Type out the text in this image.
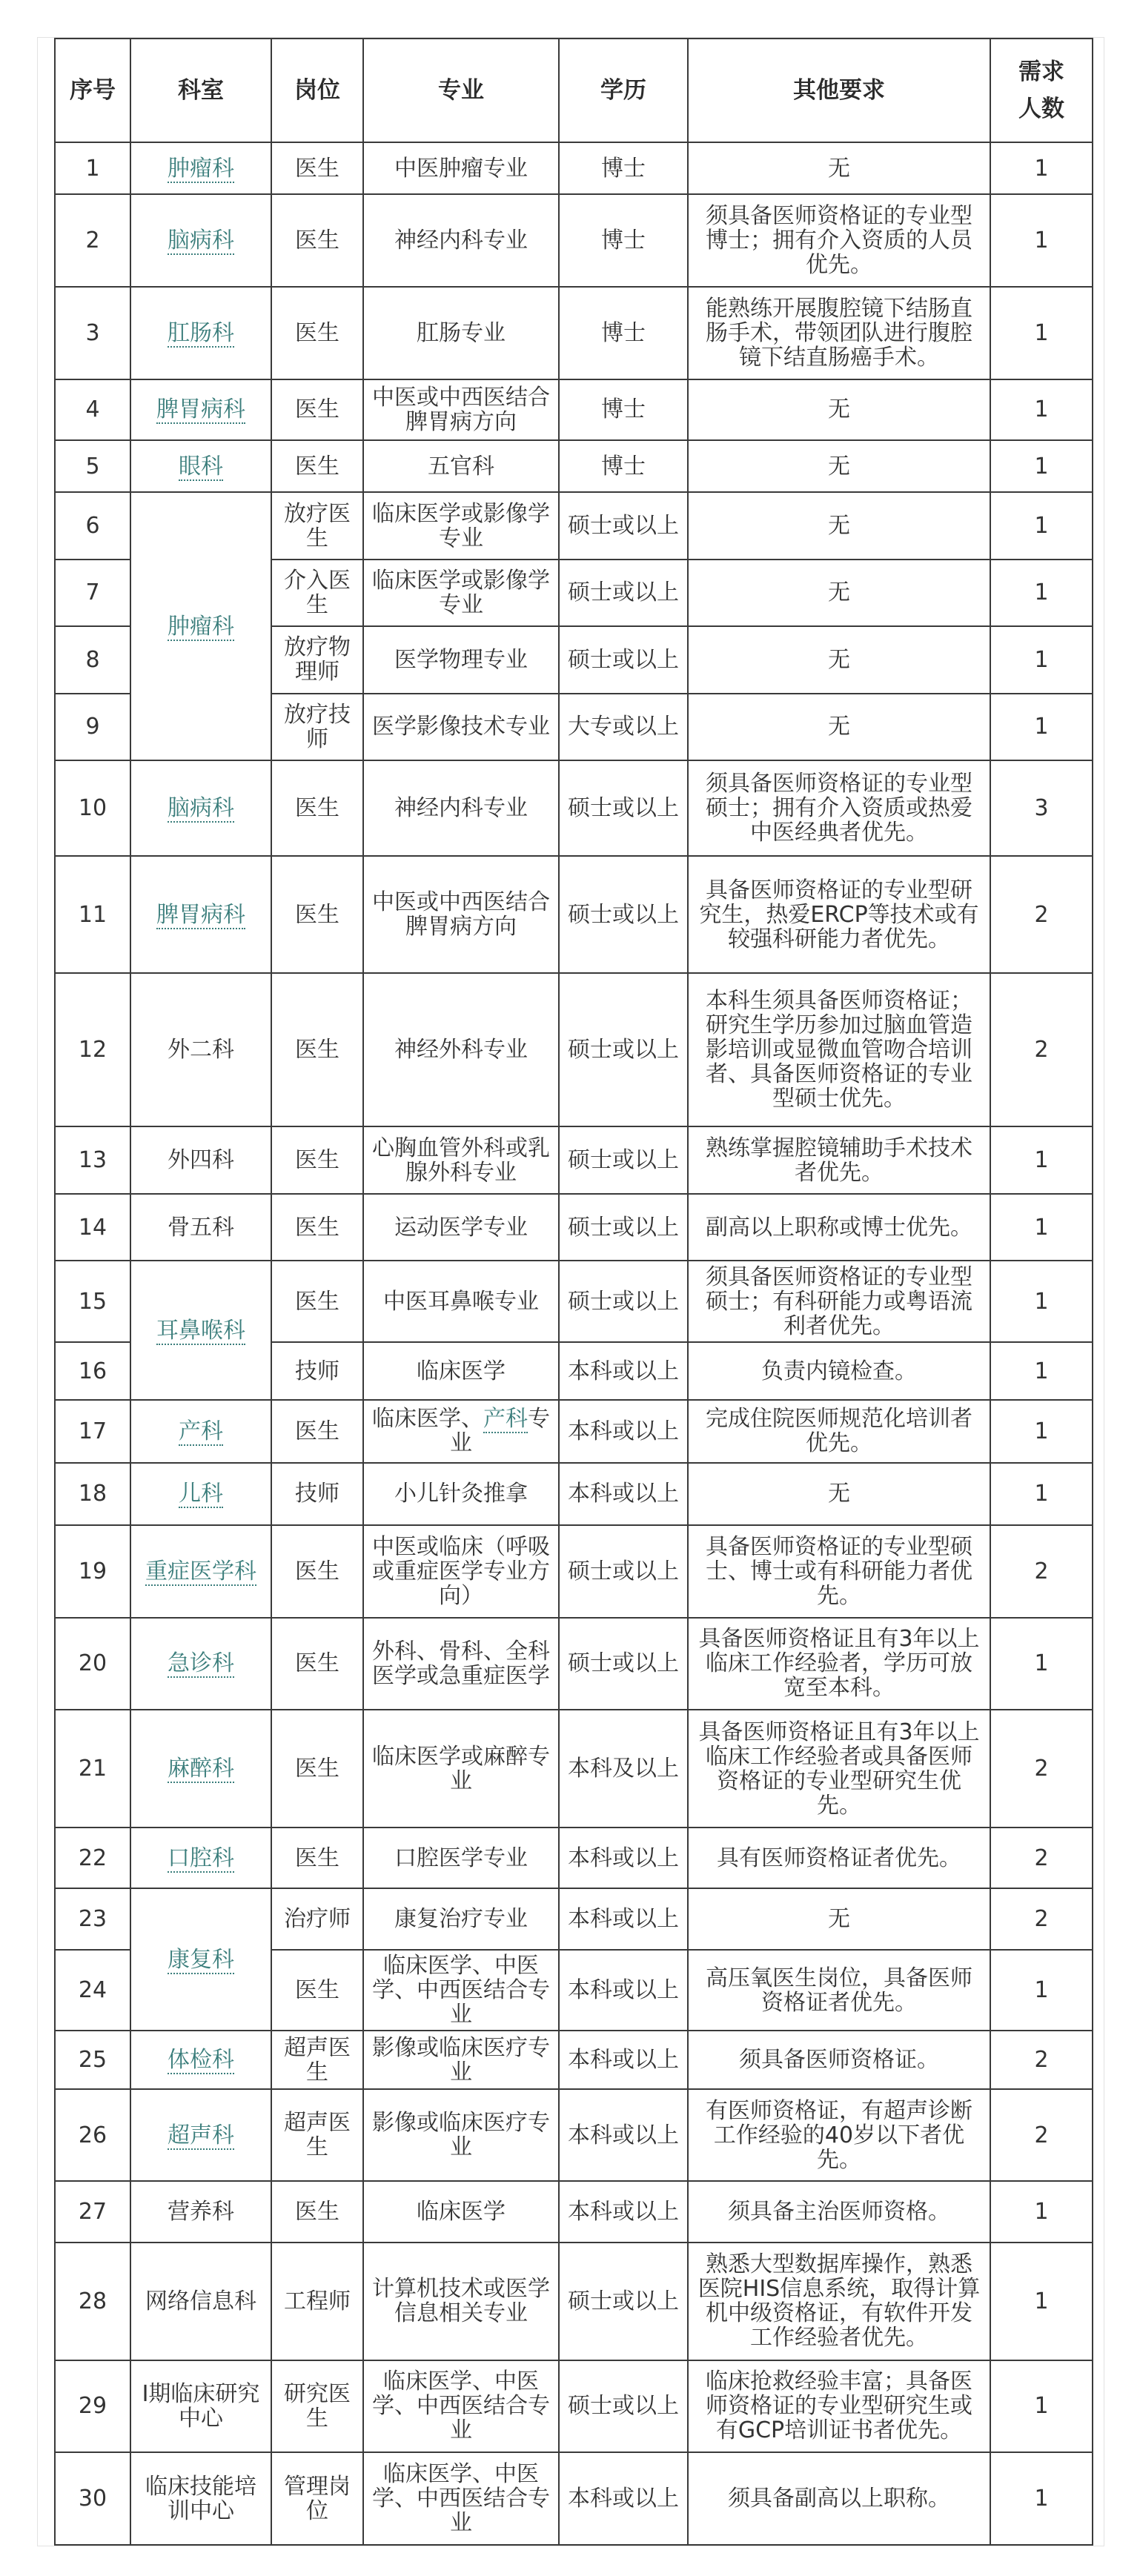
序号	科室	岗位	专业	学历	其他要求	需求人数
1	肿瘤科	医生	中医肿瘤专业	博士	无	1
2	脑病科	医生	神经内科专业	博士	须具备医师资格证的专业型博士；拥有介入资质的人员优先。	1
3	肛肠科	医生	肛肠专业	博士	能熟练开展腹腔镜下结肠直肠手术，带领团队进行腹腔镜下结直肠癌手术。	1
4	脾胃病科	医生	中医或中西医结合脾胃病方向	博士	无	1
5	眼科	医生	五官科	博士	无	1
6	肿瘤科	放疗医生	临床医学或影像学专业	硕士或以上	无	1
7		介入医生	临床医学或影像学专业	硕士或以上	无	1
8		放疗物理师	医学物理专业	硕士或以上	无	1
9		放疗技师	医学影像技术专业	大专或以上	无	1
10	脑病科	医生	神经内科专业	硕士或以上	须具备医师资格证的专业型硕士；拥有介入资质或热爱中医经典者优先。	3
11	脾胃病科	医生	中医或中西医结合脾胃病方向	硕士或以上	具备医师资格证的专业型研究生，热爱ERCP等技术或有较强科研能力者优先。	2
12	外二科	医生	神经外科专业	硕士或以上	本科生须具备医师资格证；研究生学历参加过脑血管造影培训或显微血管吻合培训者、具备医师资格证的专业型硕士优先。	2
13	外四科	医生	心胸血管外科或乳腺外科专业	硕士或以上	熟练掌握腔镜辅助手术技术者优先。	1
14	骨五科	医生	运动医学专业	硕士或以上	副高以上职称或博士优先。	1
15	耳鼻喉科	医生	中医耳鼻喉专业	硕士或以上	须具备医师资格证的专业型硕士；有科研能力或粤语流利者优先。	1
16		技师	临床医学	本科或以上	负责内镜检查。	1
17	产科	医生	临床医学、产科专业	本科或以上	完成住院医师规范化培训者优先。	1
18	儿科	技师	小儿针灸推拿	本科或以上	无	1
19	重症医学科	医生	中医或临床（呼吸或重症医学专业方向）	硕士或以上	具备医师资格证的专业型硕士、博士或有科研能力者优先。	2
20	急诊科	医生	外科、骨科、全科医学或急重症医学	硕士或以上	具备医师资格证且有3年以上临床工作经验者，学历可放宽至本科。	1
21	麻醉科	医生	临床医学或麻醉专业	本科及以上	具备医师资格证且有3年以上临床工作经验者或具备医师资格证的专业型研究生优先。	2
22	口腔科	医生	口腔医学专业	本科或以上	具有医师资格证者优先。	2
23	康复科	治疗师	康复治疗专业	本科或以上	无	2
24		医生	临床医学、中医学、中西医结合专业	本科或以上	高压氧医生岗位，具备医师资格证者优先。	1
25	体检科	超声医生	影像或临床医疗专业	本科或以上	须具备医师资格证。	2
26	超声科	超声医生	影像或临床医疗专业	本科或以上	有医师资格证，有超声诊断工作经验的40岁以下者优先。	2
27	营养科	医生	临床医学	本科或以上	须具备主治医师资格。	1
28	网络信息科	工程师	计算机技术或医学信息相关专业	硕士或以上	熟悉大型数据库操作，熟悉医院HIS信息系统，取得计算机中级资格证，有软件开发工作经验者优先。	1
29	I期临床研究中心	研究医生	临床医学、中医学、中西医结合专业	硕士或以上	临床抢救经验丰富；具备医师资格证的专业型研究生或有GCP培训证书者优先。	1
30	临床技能培训中心	管理岗位	临床医学、中医学、中西医结合专业	本科或以上	须具备副高以上职称。	1
